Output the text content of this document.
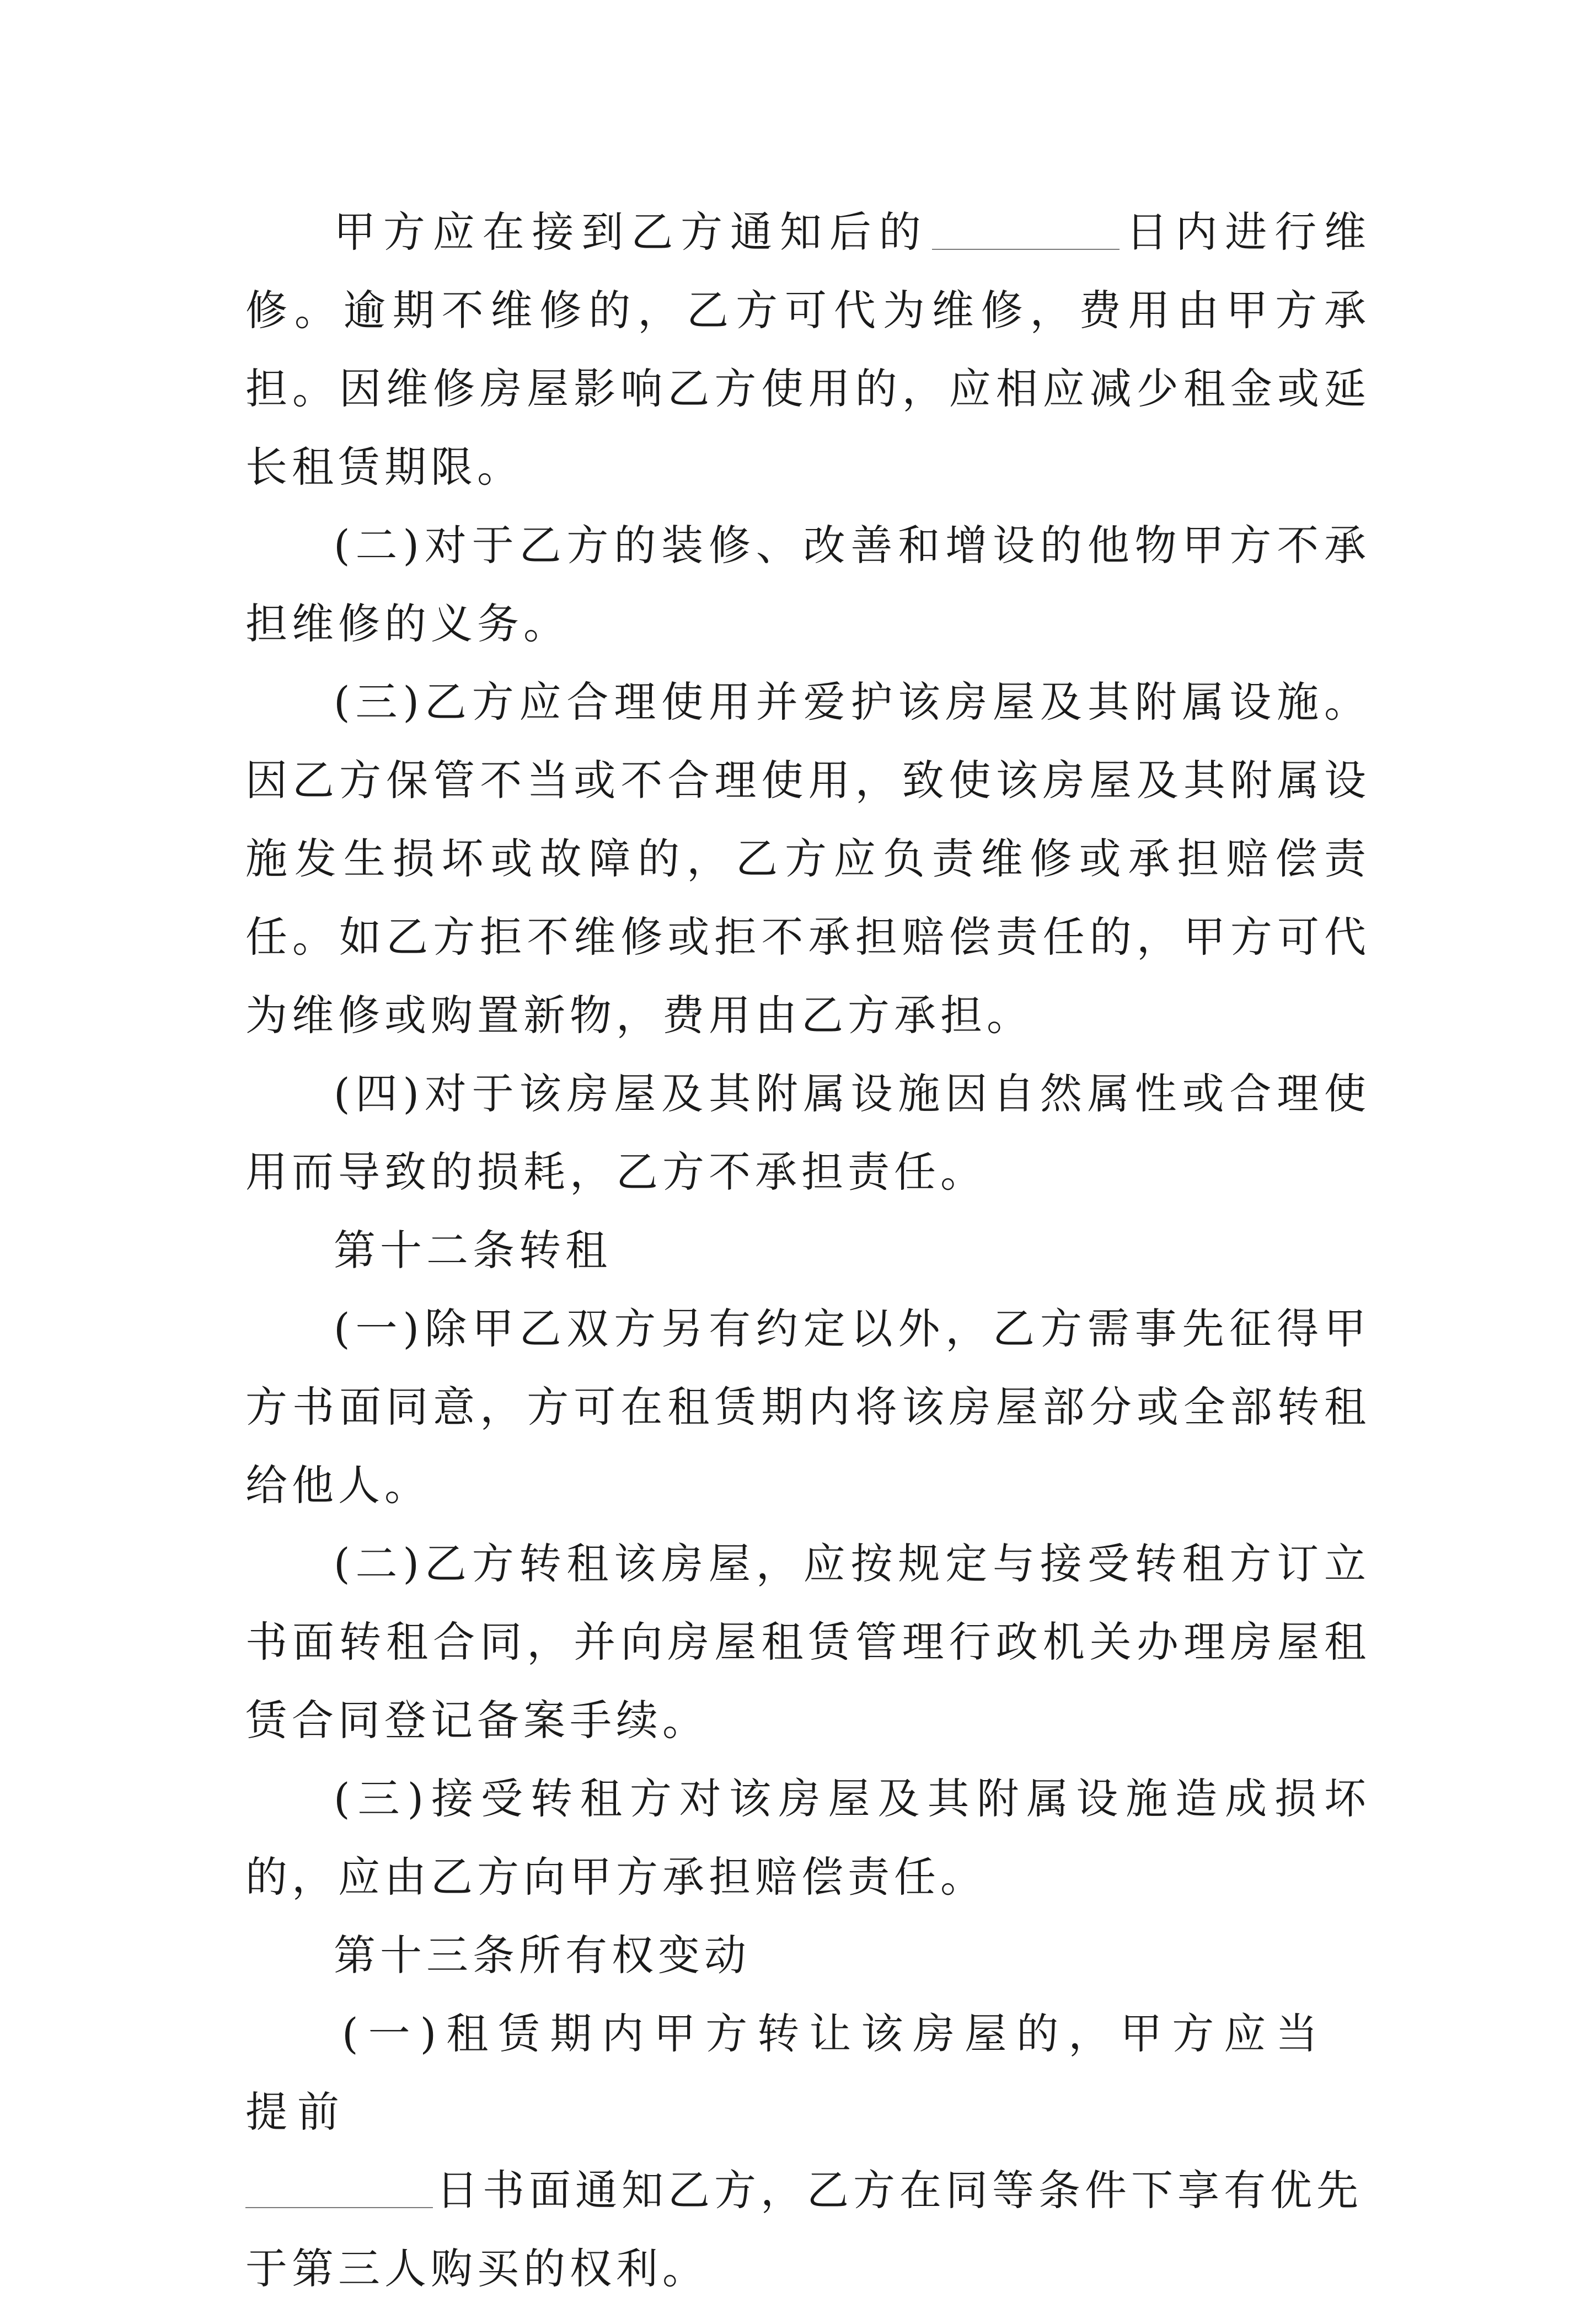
甲方应在接到乙方通知后的	日内进行维修。逾期不维修的，乙方可代为维修，费用由甲方承担。因维修房屋影响乙方使用的，应相应减少租金或延长租赁期限。

(二)对于乙方的装修、改善和增设的他物甲方不承担维修的义务。

(三)乙方应合理使用并爱护该房屋及其附属设施。因乙方保管不当或不合理使用，致使该房屋及其附属设施发生损坏或故障的，乙方应负责维修或承担赔偿责任。如乙方拒不维修或拒不承担赔偿责任的，甲方可代为维修或购置新物，费用由乙方承担。

(四)对于该房屋及其附属设施因自然属性或合理使用而导致的损耗，乙方不承担责任。

第十二条转租

(一)除甲乙双方另有约定以外，乙方需事先征得甲方书面同意，方可在租赁期内将该房屋部分或全部转租给他人。

(二)乙方转租该房屋，应按规定与接受转租方订立书面转租合同，并向房屋租赁管理行政机关办理房屋租赁合同登记备案手续。

(三)接受转租方对该房屋及其附属设施造成损坏的，应由乙方向甲方承担赔偿责任。

第十三条所有权变动

(一)租赁期内甲方转让该房屋的，甲方应当提前

日书面通知乙方，乙方在同等条件下享有优先于第三人购买的权利。
